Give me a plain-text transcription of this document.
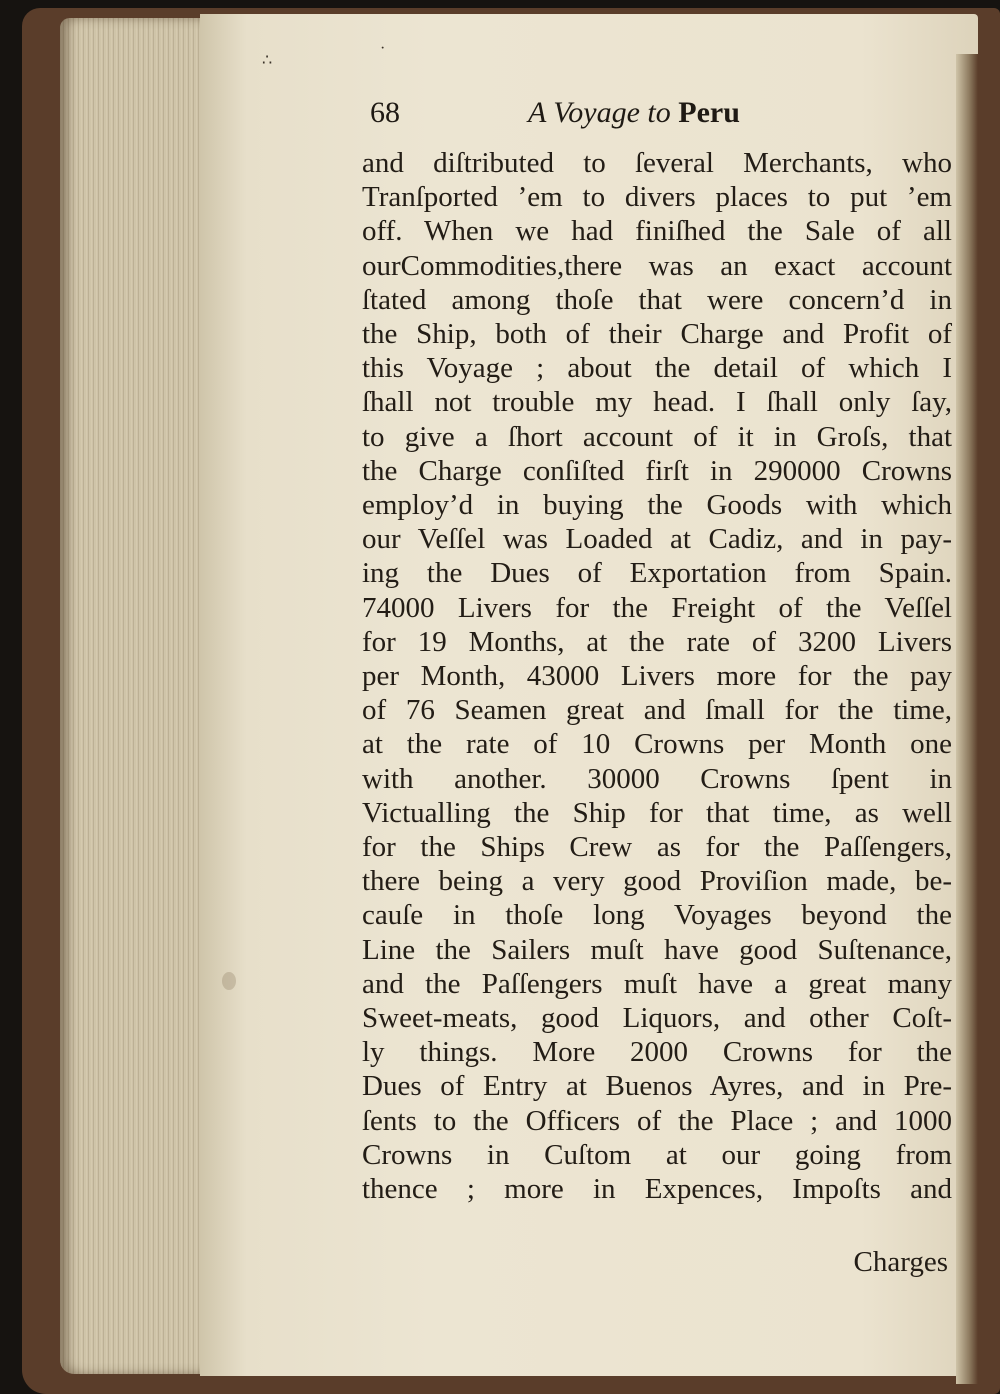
∴
·
68	A Voyage to Peru
and diſtributed to ſeveral Merchants, who
Tranſported ’em to divers places to put ’em
off. When we had finiſhed the Sale of all
ourCommodities,there was an exact account
ſtated among thoſe that were concern’d in
the Ship, both of their Charge and Profit of
this Voyage ; about the detail of which I
ſhall not trouble my head. I ſhall only ſay,
to give a ſhort account of it in Groſs, that
the Charge conſiſted firſt in 290000 Crowns
employ’d in buying the Goods with which
our Veſſel was Loaded at Cadiz, and in pay-
ing the Dues of Exportation from Spain.
74000 Livers for the Freight of the Veſſel
for 19 Months, at the rate of 3200 Livers
per Month, 43000 Livers more for the pay
of 76 Seamen great and ſmall for the time,
at the rate of 10 Crowns per Month one
with another. 30000 Crowns ſpent in
Victualling the Ship for that time, as well
for the Ships Crew as for the Paſſengers,
there being a very good Proviſion made, be-
cauſe in thoſe long Voyages beyond the
Line the Sailers muſt have good Suſtenance,
and the Paſſengers muſt have a great many
Sweet-meats, good Liquors, and other Coſt-
ly things. More 2000 Crowns for the
Dues of Entry at Buenos Ayres, and in Pre-
ſents to the Officers of the Place ; and 1000
Crowns in Cuſtom at our going from
thence ; more in Expences, Impoſts and
Charges
